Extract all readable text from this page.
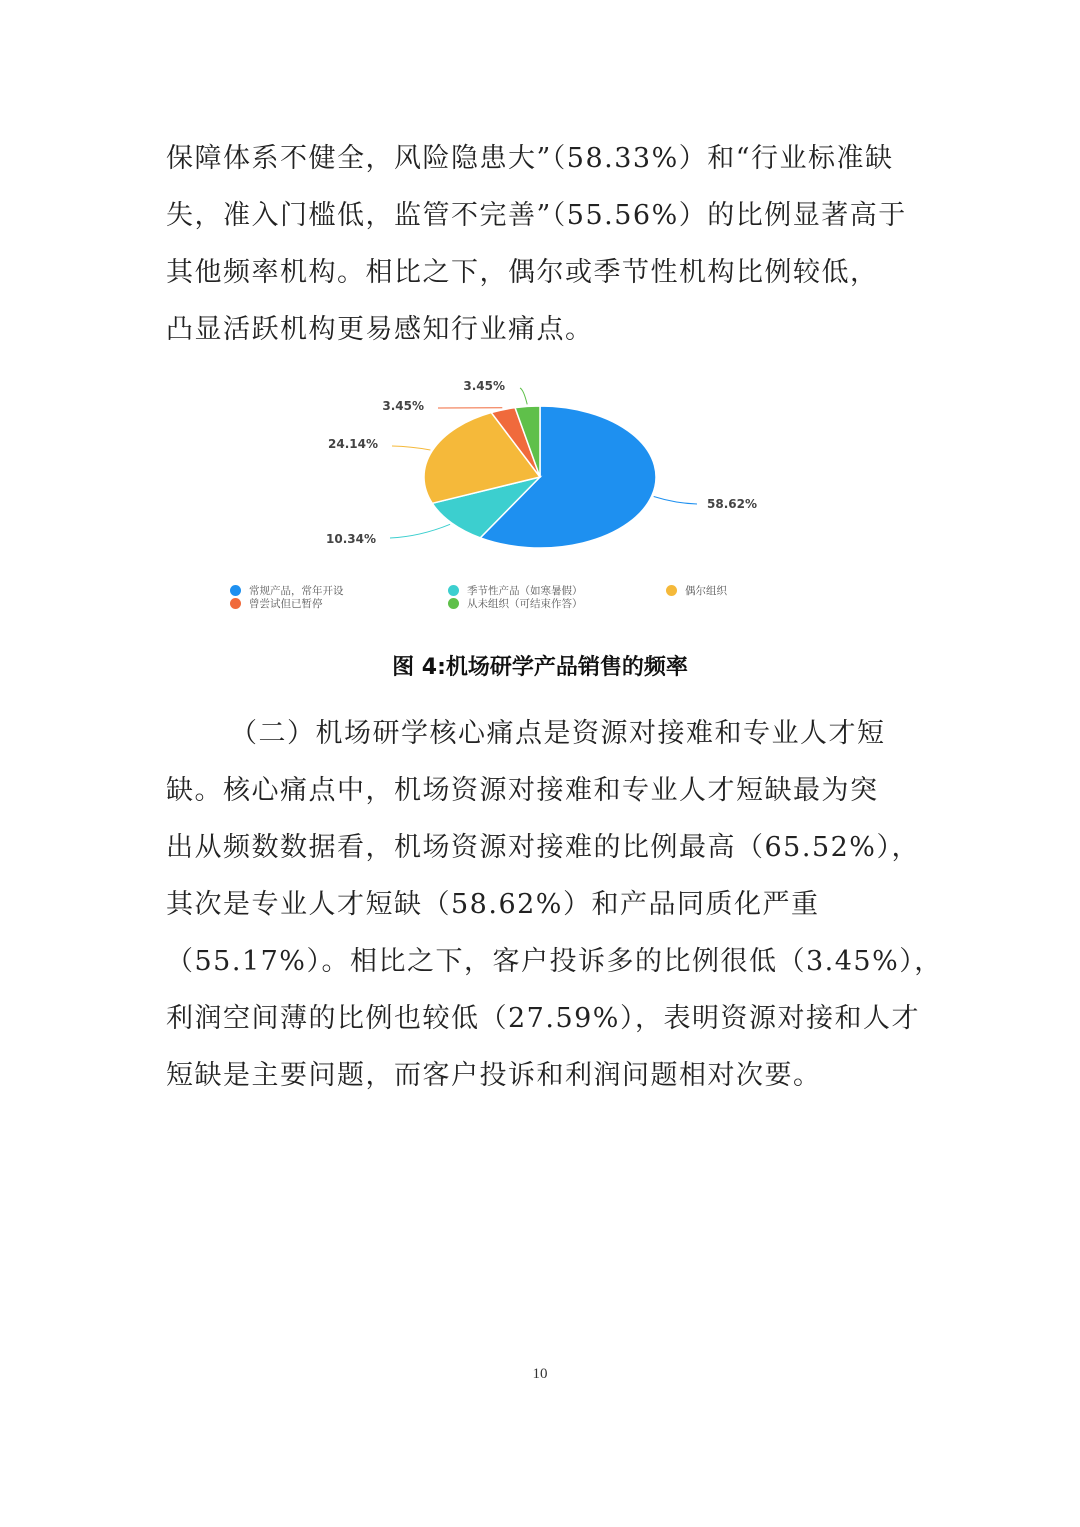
保障体系不健全，风险隐患大”（58.33%）和“行业标准缺
失，准入门槛低，监管不完善”（55.56%）的比例显著高于
其他频率机构。相比之下，偶尔或季节性机构比例较低，
凸显活跃机构更易感知行业痛点。
58.62%
10.34%
24.14%
3.45%
3.45%
常规产品，常年开设	季节性产品（如寒暑假）	偶尔组织
曾尝试但已暂停	从未组织（可结束作答）

图 4:机场研学产品销售的频率

（二）机场研学核心痛点是资源对接难和专业人才短
缺。核心痛点中，机场资源对接难和专业人才短缺最为突
出从频数数据看，机场资源对接难的比例最高（65.52%），
其次是专业人才短缺（58.62%）和产品同质化严重
（55.17%）。相比之下，客户投诉多的比例很低（3.45%），
利润空间薄的比例也较低（27.59%），表明资源对接和人才
短缺是主要问题，而客户投诉和利润问题相对次要。
10
